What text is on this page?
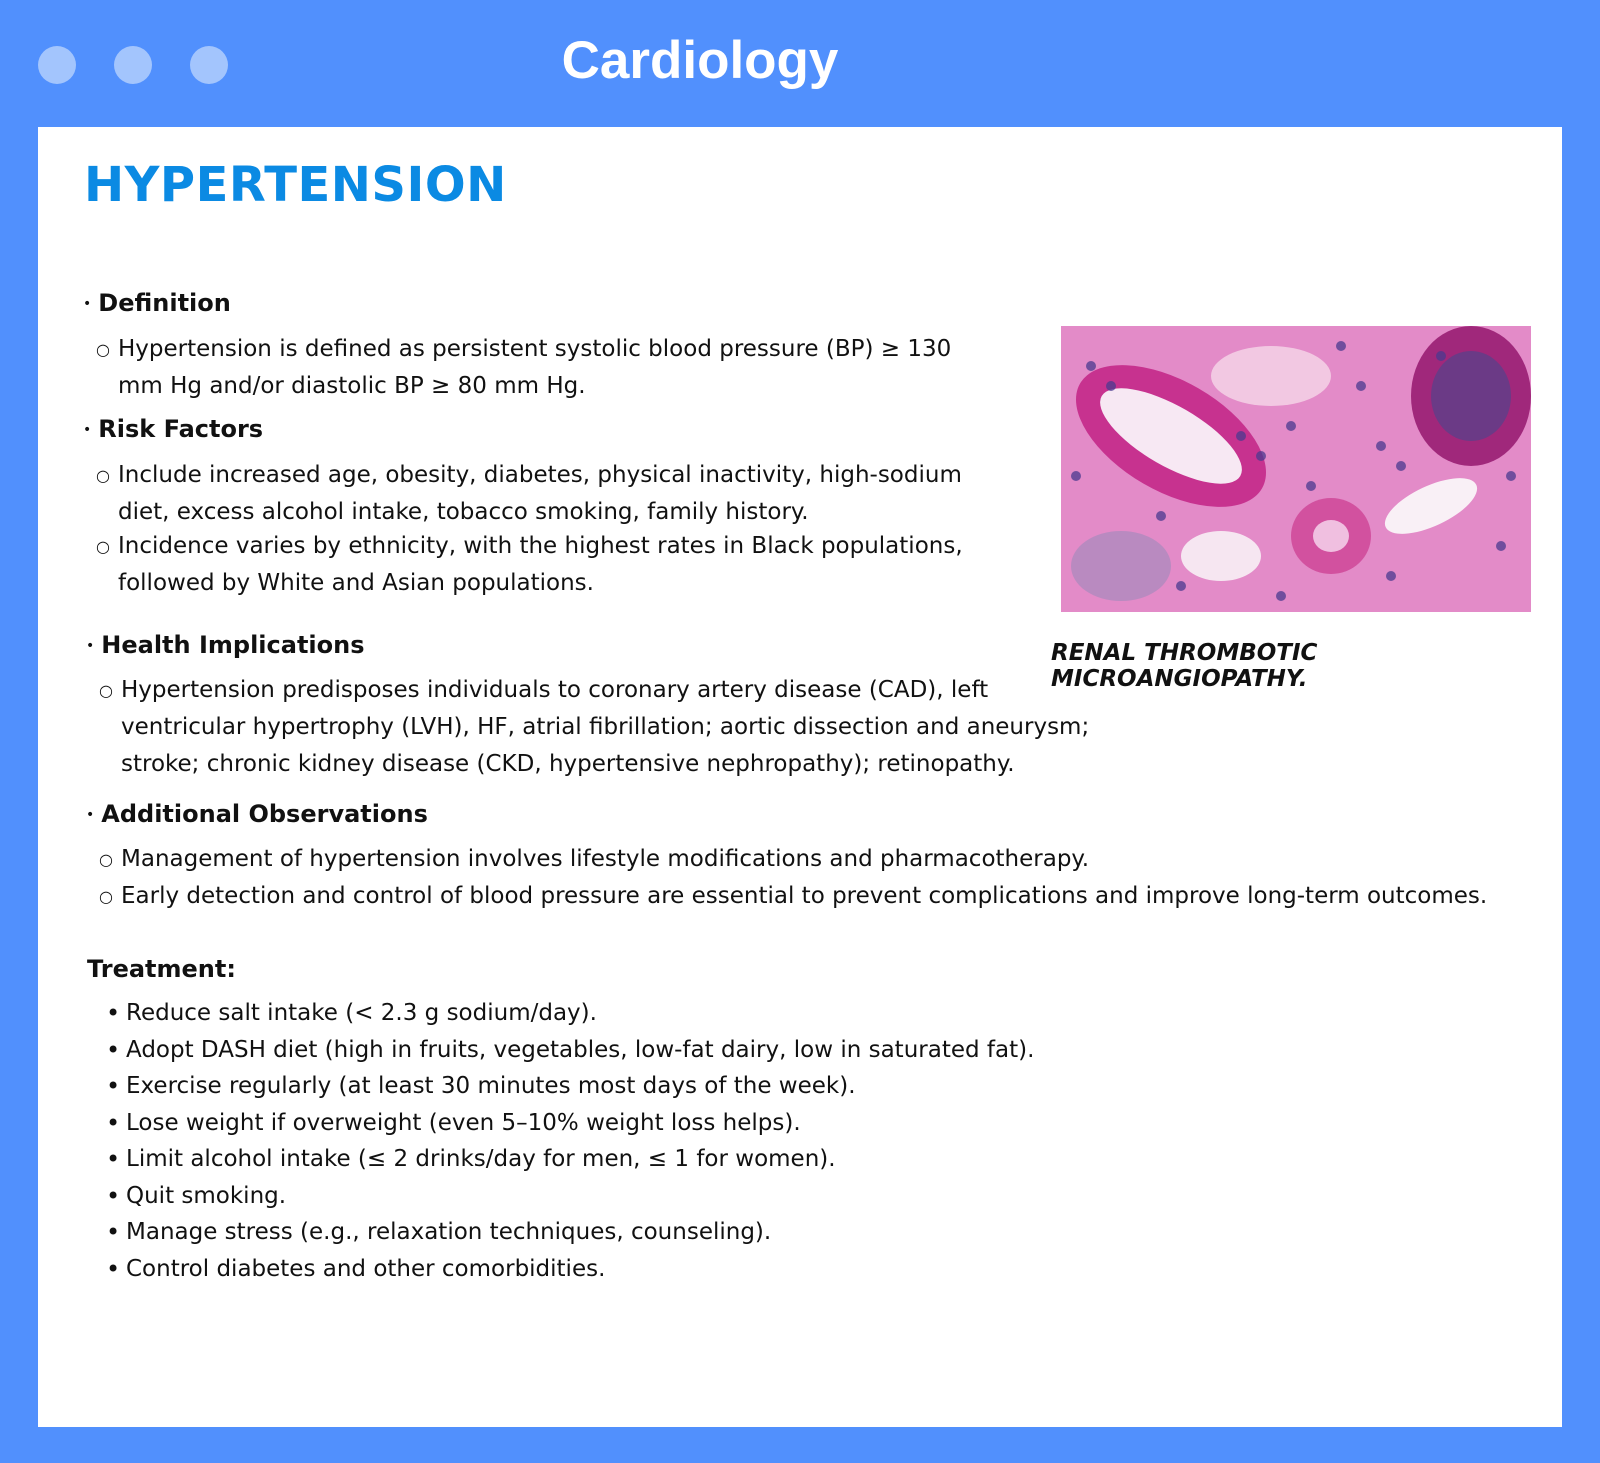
Cardiology
HYPERTENSION
• Definition
○ Hypertension is defined as persistent systolic blood pressure (BP) ≥ 130 mm Hg and/or diastolic BP ≥ 80 mm Hg.
• Risk Factors
○ Include increased age, obesity, diabetes, physical inactivity, high-sodium diet, excess alcohol intake, tobacco smoking, family history.
○ Incidence varies by ethnicity, with the highest rates in Black populations, followed by White and Asian populations.
• Health Implications
○ Hypertension predisposes individuals to coronary artery disease (CAD), left ventricular hypertrophy (LVH), HF, atrial fibrillation; aortic dissection and aneurysm; stroke; chronic kidney disease (CKD, hypertensive nephropathy); retinopathy.
• Additional Observations
○ Management of hypertension involves lifestyle modifications and pharmacotherapy.
○ Early detection and control of blood pressure are essential to prevent complications and improve long-term outcomes.
RENAL THROMBOTIC MICROANGIOPATHY.
Treatment:
• Reduce salt intake (< 2.3 g sodium/day).
• Adopt DASH diet (high in fruits, vegetables, low-fat dairy, low in saturated fat).
• Exercise regularly (at least 30 minutes most days of the week).
• Lose weight if overweight (even 5–10% weight loss helps).
• Limit alcohol intake (≤ 2 drinks/day for men, ≤ 1 for women).
• Quit smoking.
• Manage stress (e.g., relaxation techniques, counseling).
• Control diabetes and other comorbidities.
